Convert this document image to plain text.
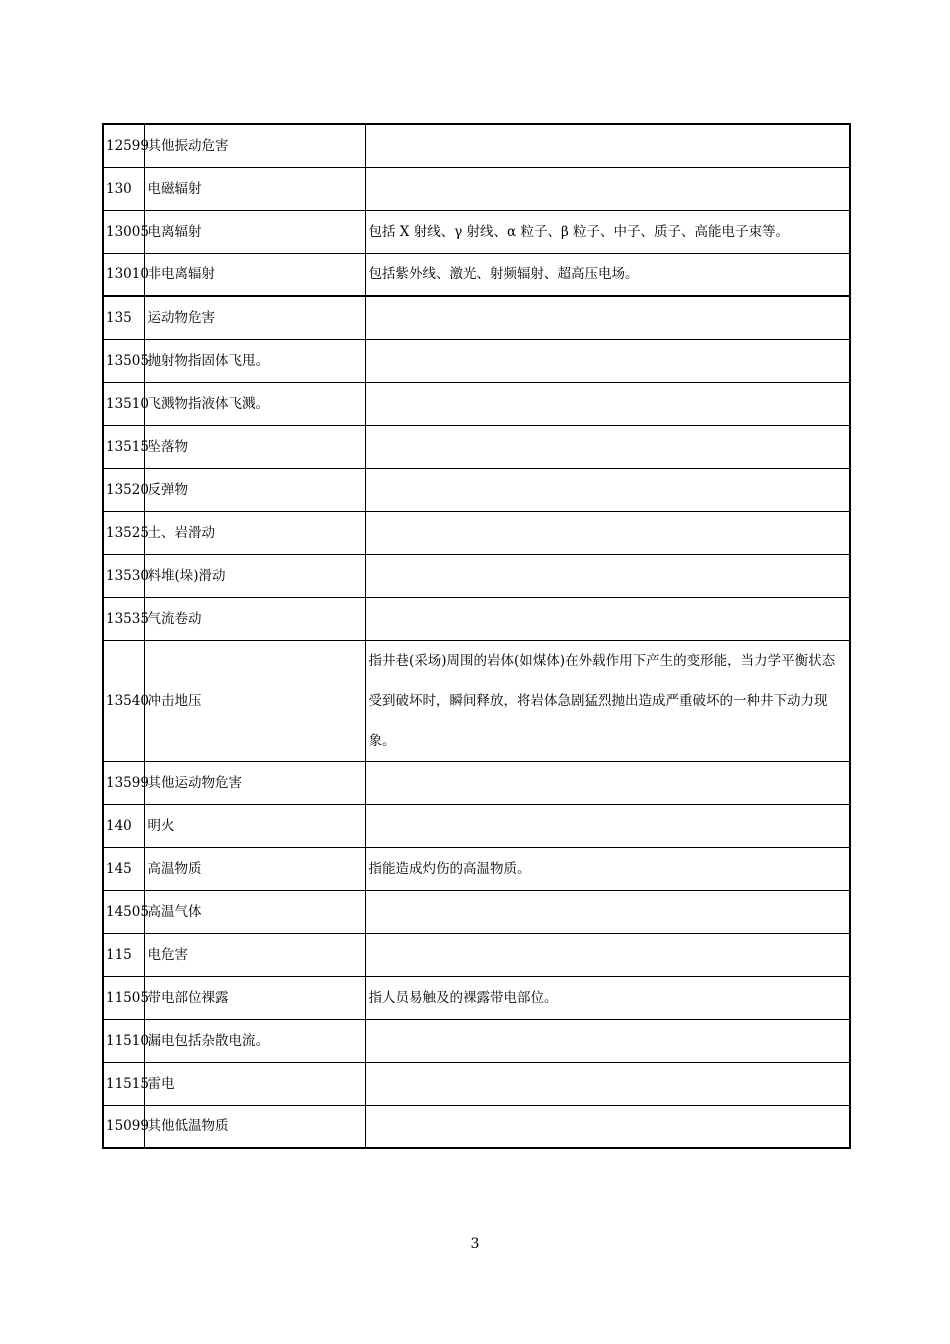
12599	其他振动危害	
130	电磁辐射	
13005	电离辐射	包括 X 射线、γ 射线、α 粒子、β 粒子、中子、质子、高能电子束等。
13010	非电离辐射	包括紫外线、激光、射频辐射、超高压电场。
135	运动物危害	
13505	抛射物指固体飞甩。	
13510	飞溅物指液体飞溅。	
13515	坠落物	
13520	反弹物	
13525	土、岩滑动	
13530	料堆(垛)滑动	
13535	气流卷动	
13540	冲击地压	指井巷(采场)周围的岩体(如煤体)在外载作用下产生的变形能，当力学平衡状态受到破坏时，瞬间释放，将岩体急剧猛烈抛出造成严重破坏的一种井下动力现象。
13599	其他运动物危害	
140	明火	
145	高温物质	指能造成灼伤的高温物质。
14505	高温气体	
115	电危害	
11505	带电部位裸露	指人员易触及的裸露带电部位。
11510	漏电包括杂散电流。	
11515	雷电	
15099	其他低温物质	
3
